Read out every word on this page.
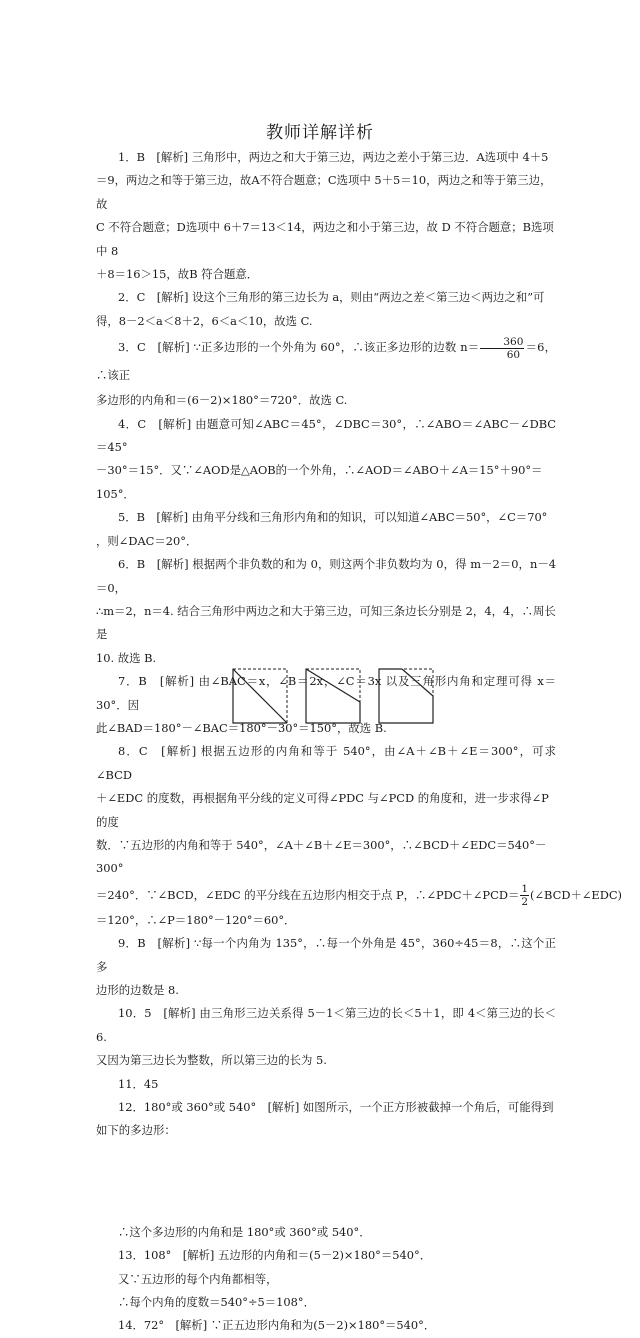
教师详解详析

1．B　[解析] 三角形中，两边之和大于第三边，两边之差小于第三边．A选项中 4＋5

＝9，两边之和等于第三边，故A不符合题意；C选项中 5＋5＝10，两边之和等于第三边，故

C 不符合题意；D选项中 6＋7＝13＜14，两边之和小于第三边，故 D 不符合题意；B选项中 8

＋8＝16＞15，故B 符合题意．

2．C　[解析] 设这个三角形的第三边长为 a，则由“两边之差＜第三边＜两边之和”可

得，8－2＜a＜8＋2，6＜a＜10，故选 C.

3．C　[解析] ∵正多边形的一个外角为 60°，∴该正多边形的边数 $n= \frac{360}{60} =6$，∴该正

多边形的内角和＝(6－2)×180°＝720°．故选 C.

4．C　[解析] 由题意可知∠ABC＝45°，∠DBC＝30°，∴∠ABO＝∠ABC－∠DBC＝45°

－30°＝15°．又∵∠AOD是△AOB的一个外角，∴∠AOD＝∠ABO＋∠A＝15°＋90°＝105°．

5．B　[解析] 由角平分线和三角形内角和的知识，可以知道∠ABC＝50°，∠C＝70°

，则∠DAC＝20°．

6．B　[解析] 根据两个非负数的和为 0，则这两个非负数均为 0，得 m－2＝0，n－4＝0，

∴m＝2，n＝4. 结合三角形中两边之和大于第三边，可知三条边长分别是 2，4，4，∴周长是

10. 故选 B.

7．B　[解析] 由∠BAC＝x，∠B＝2x，∠C＝3x 以及三角形内角和定理可得 x＝30°．因

此∠BAD＝180°－∠BAC＝180°－30°＝150°，故选 B.

8．C　[解析] 根据五边形的内角和等于 540°，由∠A＋∠B＋∠E＝300°，可求∠BCD

＋∠EDC 的度数，再根据角平分线的定义可得∠PDC 与∠PCD 的角度和，进一步求得∠P 的度

数．∵五边形的内角和等于 540°，∠A＋∠B＋∠E＝300°，∴∠BCD＋∠EDC＝540°－300°

＝240°．∵∠BCD，∠EDC 的平分线在五边形内相交于点 P，∴∠PDC＋∠PCD＝ $\frac{1}{2}$ (∠BCD＋∠EDC)

＝120°，∴∠P＝180°－120°＝60°．

9．B　[解析] ∵每一个内角为 135°，∴每一个外角是 45°，360÷45＝8，∴这个正多

边形的边数是 8.

10．5　[解析] 由三角形三边关系得 5－1＜第三边的长＜5＋1，即 4＜第三边的长＜6.

又因为第三边长为整数，所以第三边的长为 5.

11．45

12．180°或 360°或 540°　[解析] 如图所示，一个正方形被截掉一个角后，可能得到

如下的多边形：

∴这个多边形的内角和是 180°或 360°或 540°．

13．108°　[解析] 五边形的内角和＝(5－2)×180°＝540°．

又∵五边形的每个内角都相等，

∴每个内角的度数＝540°÷5＝108°．

14．72°　[解析] ∵正五边形内角和为(5－2)×180°＝540°．
